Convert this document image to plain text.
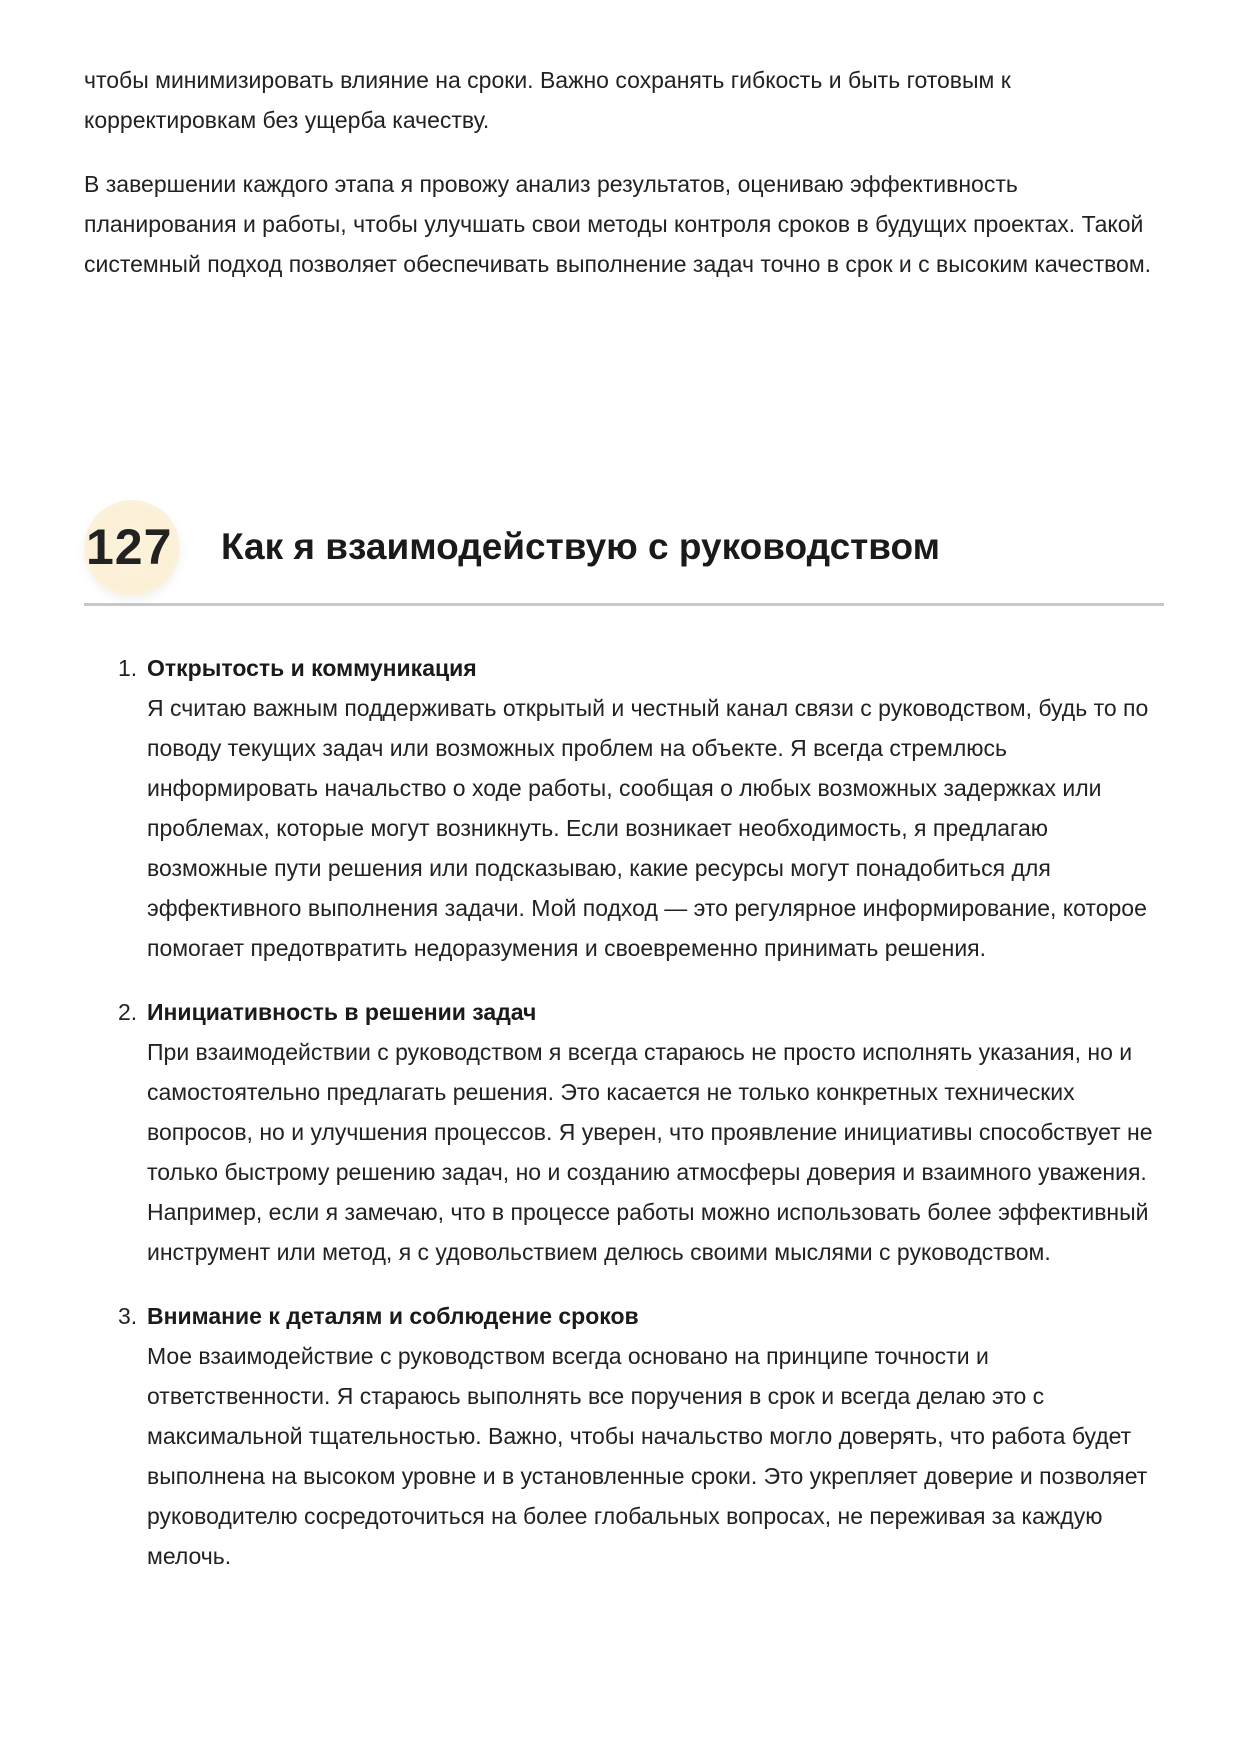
чтобы минимизировать влияние на сроки. Важно сохранять гибкость и быть готовым к корректировкам без ущерба качеству.

В завершении каждого этапа я провожу анализ результатов, оцениваю эффективность планирования и работы, чтобы улучшать свои методы контроля сроков в будущих проектах. Такой системный подход позволяет обеспечивать выполнение задач точно в срок и с высоким качеством.

127 Как я взаимодействую с руководством
1. Открытость и коммуникация
Я считаю важным поддерживать открытый и честный канал связи с руководством, будь то по поводу текущих задач или возможных проблем на объекте. Я всегда стремлюсь информировать начальство о ходе работы, сообщая о любых возможных задержках или проблемах, которые могут возникнуть. Если возникает необходимость, я предлагаю возможные пути решения или подсказываю, какие ресурсы могут понадобиться для эффективного выполнения задачи. Мой подход — это регулярное информирование, которое помогает предотвратить недоразумения и своевременно принимать решения.
2. Инициативность в решении задач
При взаимодействии с руководством я всегда стараюсь не просто исполнять указания, но и самостоятельно предлагать решения. Это касается не только конкретных технических вопросов, но и улучшения процессов. Я уверен, что проявление инициативы способствует не только быстрому решению задач, но и созданию атмосферы доверия и взаимного уважения. Например, если я замечаю, что в процессе работы можно использовать более эффективный инструмент или метод, я с удовольствием делюсь своими мыслями с руководством.
3. Внимание к деталям и соблюдение сроков
Мое взаимодействие с руководством всегда основано на принципе точности и ответственности. Я стараюсь выполнять все поручения в срок и всегда делаю это с максимальной тщательностью. Важно, чтобы начальство могло доверять, что работа будет выполнена на высоком уровне и в установленные сроки. Это укрепляет доверие и позволяет руководителю сосредоточиться на более глобальных вопросах, не переживая за каждую мелочь.
